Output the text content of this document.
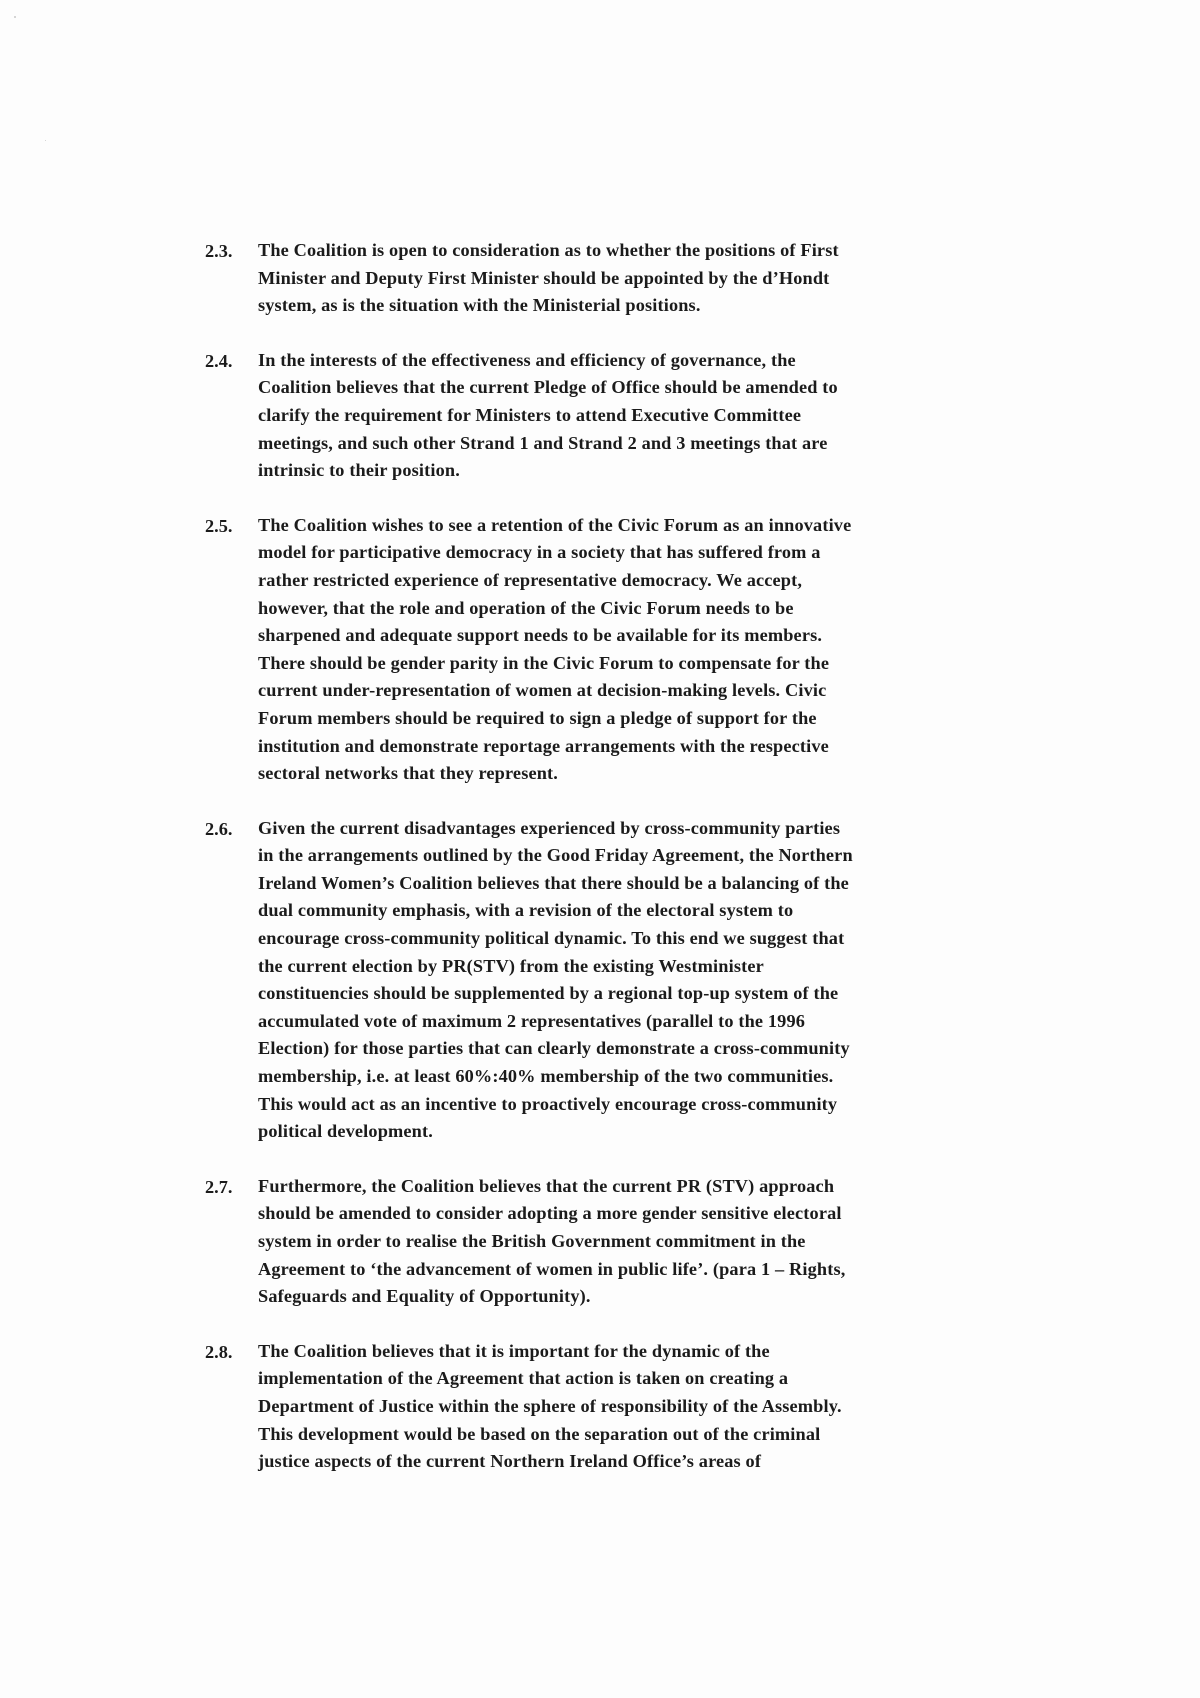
2.3.	The Coalition is open to consideration as to whether the positions of First
Minister and Deputy First Minister should be appointed by the d’Hondt
system, as is the situation with the Ministerial positions.
2.4.	In the interests of the effectiveness and efficiency of governance, the
Coalition believes that the current Pledge of Office should be amended to
clarify the requirement for Ministers to attend Executive Committee
meetings, and such other Strand 1 and Strand 2 and 3 meetings that are
intrinsic to their position.
2.5.	The Coalition wishes to see a retention of the Civic Forum as an innovative
model for participative democracy in a society that has suffered from a
rather restricted experience of representative democracy. We accept,
however, that the role and operation of the Civic Forum needs to be
sharpened and adequate support needs to be available for its members.
There should be gender parity in the Civic Forum to compensate for the
current under-representation of women at decision-making levels. Civic
Forum members should be required to sign a pledge of support for the
institution and demonstrate reportage arrangements with the respective
sectoral networks that they represent.
2.6.	Given the current disadvantages experienced by cross-community parties
in the arrangements outlined by the Good Friday Agreement, the Northern
Ireland Women’s Coalition believes that there should be a balancing of the
dual community emphasis, with a revision of the electoral system to
encourage cross-community political dynamic. To this end we suggest that
the current election by PR(STV) from the existing Westminister
constituencies should be supplemented by a regional top-up system of the
accumulated vote of maximum 2 representatives (parallel to the 1996
Election) for those parties that can clearly demonstrate a cross-community
membership, i.e. at least 60%:40% membership of the two communities.
This would act as an incentive to proactively encourage cross-community
political development.
2.7.	Furthermore, the Coalition believes that the current PR (STV) approach
should be amended to consider adopting a more gender sensitive electoral
system in order to realise the British Government commitment in the
Agreement to ‘the advancement of women in public life’. (para 1 – Rights,
Safeguards and Equality of Opportunity).
2.8.	The Coalition believes that it is important for the dynamic of the
implementation of the Agreement that action is taken on creating a
Department of Justice within the sphere of responsibility of the Assembly.
This development would be based on the separation out of the criminal
justice aspects of the current Northern Ireland Office’s areas of
